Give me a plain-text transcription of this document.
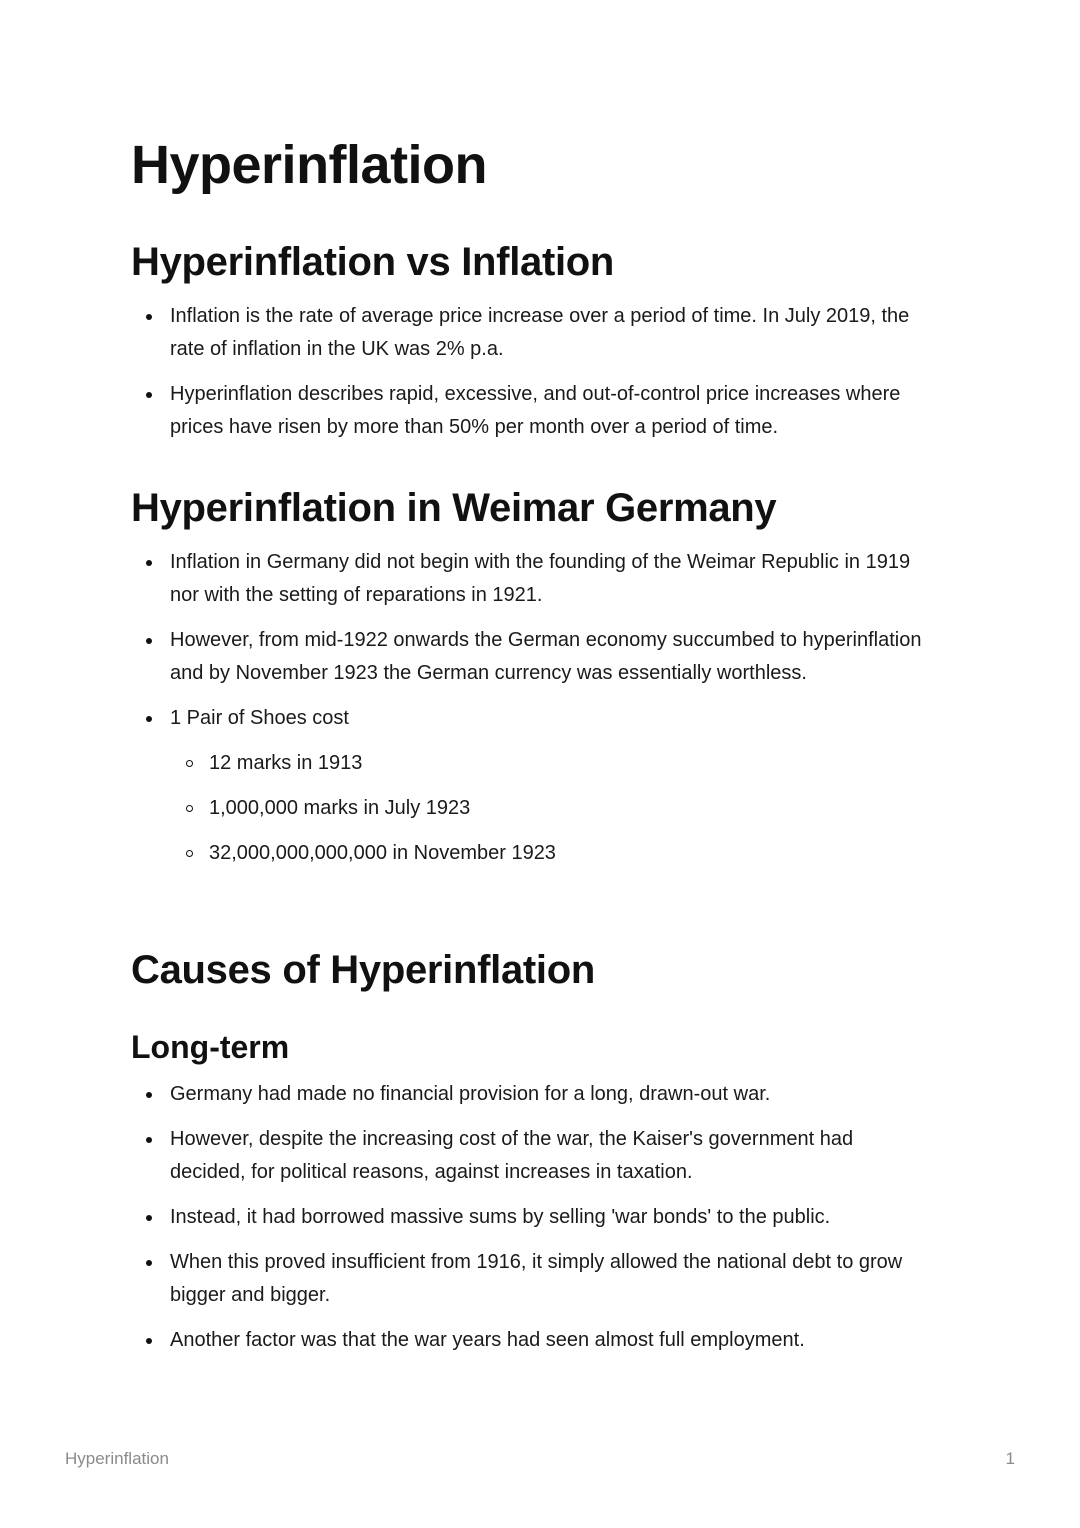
Hyperinflation
Hyperinflation vs Inflation
Inflation is the rate of average price increase over a period of time. In July 2019, the rate of inflation in the UK was 2% p.a.
Hyperinflation describes rapid, excessive, and out-of-control price increases where prices have risen by more than 50% per month over a period of time.
Hyperinflation in Weimar Germany
Inflation in Germany did not begin with the founding of the Weimar Republic in 1919 nor with the setting of reparations in 1921.
However, from mid-1922 onwards the German economy succumbed to hyperinflation and by November 1923 the German currency was essentially worthless.
1 Pair of Shoes cost
12 marks in 1913
1,000,000 marks in July 1923
32,000,000,000,000 in November 1923
Causes of Hyperinflation
Long-term
Germany had made no financial provision for a long, drawn-out war.
However, despite the increasing cost of the war, the Kaiser's government had decided, for political reasons, against increases in taxation.
Instead, it had borrowed massive sums by selling 'war bonds' to the public.
When this proved insufficient from 1916, it simply allowed the national debt to grow bigger and bigger.
Another factor was that the war years had seen almost full employment.
Hyperinflation	1
